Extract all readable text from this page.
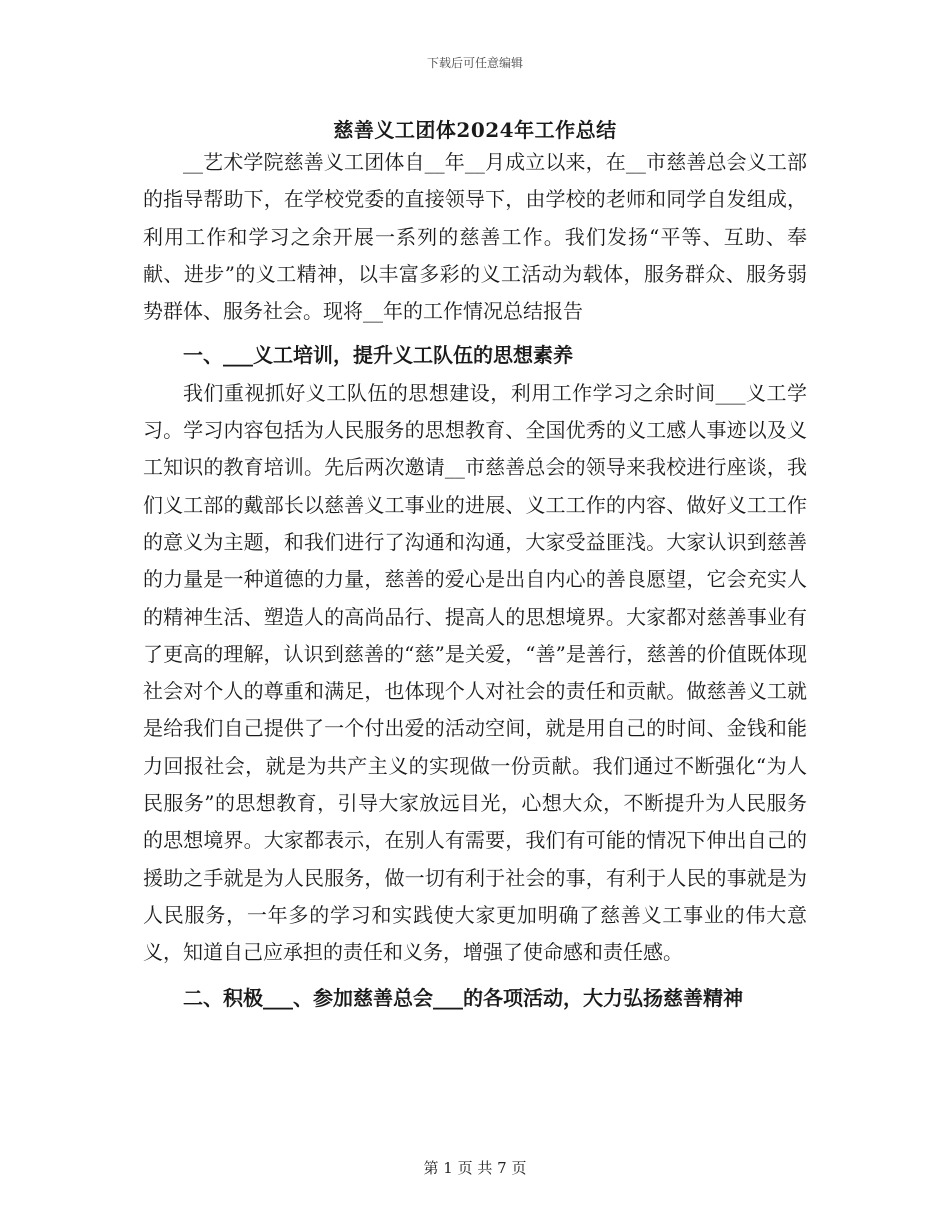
下载后可任意编辑
慈善义工团体2024年工作总结

__艺术学院慈善义工团体自__年__月成立以来，在__市慈善总会义工部的指导帮助下，在学校党委的直接领导下，由学校的老师和同学自发组成，利用工作和学习之余开展一系列的慈善工作。我们发扬“平等、互助、奉献、进步”的义工精神，以丰富多彩的义工活动为载体，服务群众、服务弱势群体、服务社会。现将__年的工作情况总结报告

一、___义工培训，提升义工队伍的思想素养

我们重视抓好义工队伍的思想建设，利用工作学习之余时间___义工学习。学习内容包括为人民服务的思想教育、全国优秀的义工感人事迹以及义工知识的教育培训。先后两次邀请__市慈善总会的领导来我校进行座谈，我们义工部的戴部长以慈善义工事业的进展、义工工作的内容、做好义工工作的意义为主题，和我们进行了沟通和沟通，大家受益匪浅。大家认识到慈善的力量是一种道德的力量，慈善的爱心是出自内心的善良愿望，它会充实人的精神生活、塑造人的高尚品行、提高人的思想境界。大家都对慈善事业有了更高的理解，认识到慈善的“慈”是关爱，“善”是善行，慈善的价值既体现社会对个人的尊重和满足，也体现个人对社会的责任和贡献。做慈善义工就是给我们自己提供了一个付出爱的活动空间，就是用自己的时间、金钱和能力回报社会，就是为共产主义的实现做一份贡献。我们通过不断强化“为人民服务”的思想教育，引导大家放远目光，心想大众，不断提升为人民服务的思想境界。大家都表示，在别人有需要，我们有可能的情况下伸出自己的援助之手就是为人民服务，做一切有利于社会的事，有利于人民的事就是为人民服务，一年多的学习和实践使大家更加明确了慈善义工事业的伟大意义，知道自己应承担的责任和义务，增强了使命感和责任感。

二、积极___、参加慈善总会___的各项活动，大力弘扬慈善精神

第 1 页 共 7 页
